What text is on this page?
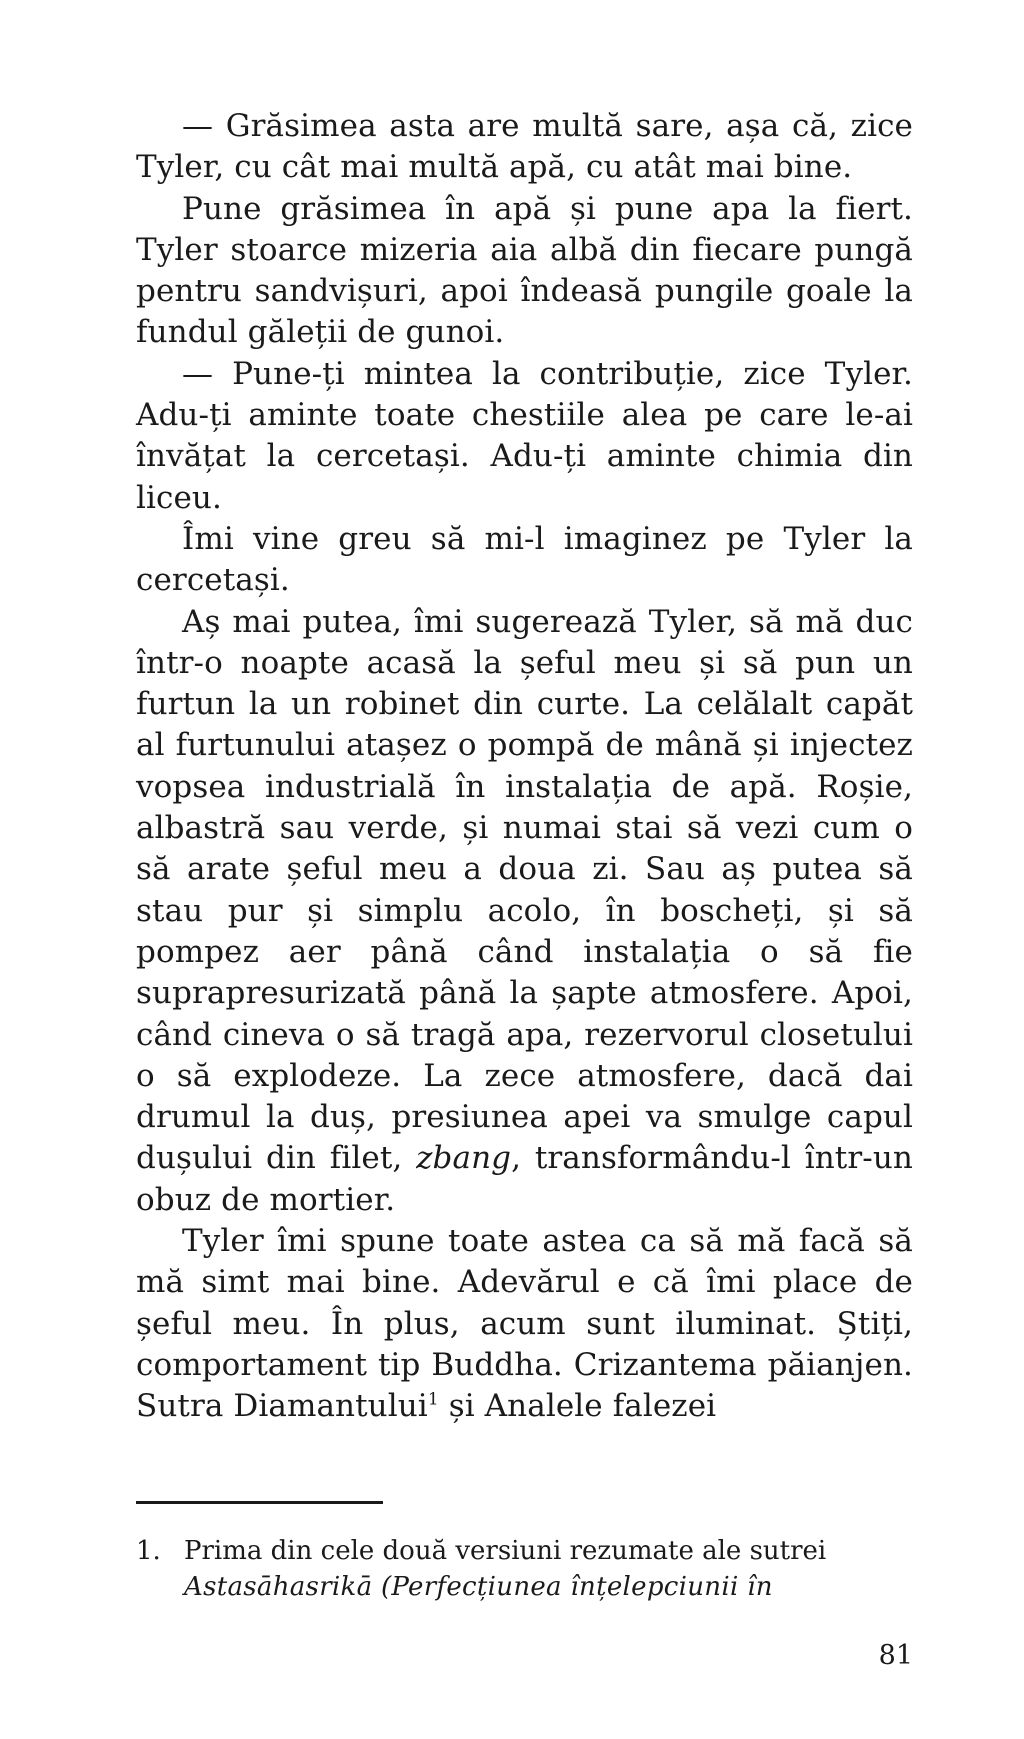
— Grăsimea asta are multă sare, așa că, zice Tyler, cu cât mai multă apă, cu atât mai bine.

Pune grăsimea în apă și pune apa la fiert. Tyler stoarce mizeria aia albă din fiecare pungă pentru sandvișuri, apoi îndeasă pungile goale la fundul găleții de gunoi.

— Pune-ți mintea la contribuție, zice Tyler. Adu-ți aminte toate chestiile alea pe care le-ai învățat la cercetași. Adu-ți aminte chimia din liceu.

Îmi vine greu să mi-l imaginez pe Tyler la cercetași.

Aș mai putea, îmi sugerează Tyler, să mă duc într-o noapte acasă la șeful meu și să pun un furtun la un robinet din curte. La celălalt capăt al furtunului atașez o pompă de mână și injectez vopsea industrială în instalația de apă. Roșie, albastră sau verde, și numai stai să vezi cum o să arate șeful meu a doua zi. Sau aș putea să stau pur și simplu acolo, în boscheți, și să pompez aer până când instalația o să fie suprapresurizată până la șapte atmosfere. Apoi, când cineva o să tragă apa, rezervorul closetului o să explodeze. La zece atmosfere, dacă dai drumul la duș, presiunea apei va smulge capul dușului din filet, zbang, transformându-l într-un obuz de mortier.

Tyler îmi spune toate astea ca să mă facă să mă simt mai bine. Adevărul e că îmi place de șeful meu. În plus, acum sunt iluminat. Știți, comportament tip Buddha. Crizantema păianjen. Sutra Diamantului$^1$ și Analele falezei

1. Prima din cele două versiuni rezumate ale sutrei
Astasāhasrikā (Perfecțiunea înțelepciunii în
81
